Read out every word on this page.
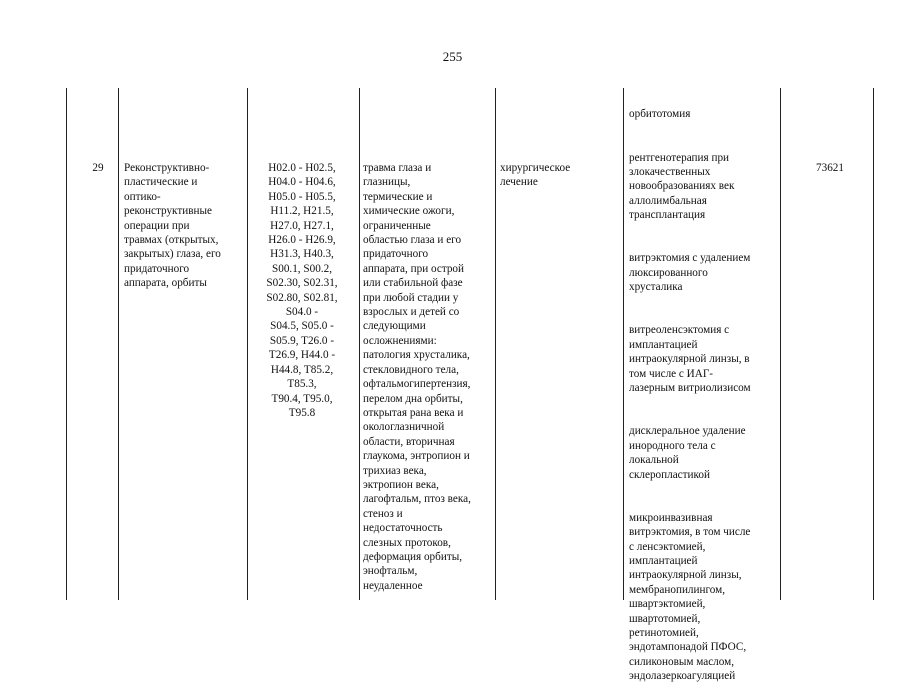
255
29	Реконструктивно-
пластические и
оптико-
реконструктивные
операции при
травмах (открытых,
закрытых) глаза, его
придаточного
аппарата, орбиты
H02.0 - H02.5,
H04.0 - H04.6,
H05.0 - H05.5,
H11.2, H21.5,
H27.0, H27.1,
H26.0 - H26.9,
H31.3, H40.3,
S00.1, S00.2,
S02.30, S02.31,
S02.80, S02.81,
S04.0 -
S04.5, S05.0 -
S05.9, T26.0 -
T26.9, H44.0 -
H44.8, T85.2,
T85.3,
T90.4, T95.0,
T95.8
травма глаза и
глазницы,
термические и
химические ожоги,
ограниченные
областью глаза и его
придаточного
аппарата, при острой
или стабильной фазе
при любой стадии у
взрослых и детей со
следующими
осложнениями:
патология хрусталика,
стекловидного тела,
офтальмогипертензия,
перелом дна орбиты,
открытая рана века и
окологлазничной
области, вторичная
глаукома, энтропион и
трихиаз века,
эктропион века,
лагофтальм, птоз века,
стеноз и
недостаточность
слезных протоков,
деформация орбиты,
энофтальм,
неудаленное
хирургическое
лечение

орбитотомия

рентгенотерапия при
злокачественных
новообразованиях век
аллолимбальная
трансплантация

витрэктомия с удалением
люксированного
хрусталика

витреоленсэктомия с
имплантацией
интраокулярной линзы, в
том числе с ИАГ-
лазерным витриолизисом

дисклеральное удаление
инородного тела с
локальной
склеропластикой

микроинвазивная
витрэктомия, в том числе
с ленсэктомией,
имплантацией
интраокулярной линзы,
мембранопилингом,
швартэктомией,
швартотомией,
ретинотомией,
эндотампонадой ПФОС,
силиконовым маслом,
эндолазеркоагуляцией

73621
